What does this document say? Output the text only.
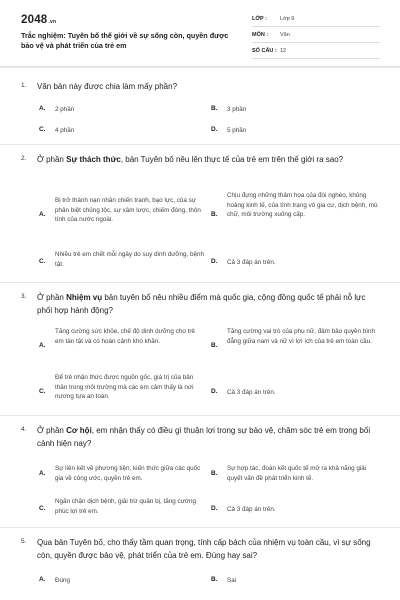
2048.vn
Trắc nghiệm: Tuyên bố thế giới về sự sống còn, quyền được bảo vệ và phát triển của trẻ em
LỚP : Lớp 9
MÔN : Văn
SỐ CÂU : 12
1. Văn bản này được chia làm mấy phần?
A. 2 phần	B. 3 phần
C. 4 phần	D. 5 phần
2. Ở phần Sự thách thức, bản Tuyên bố nêu lên thực tế của trẻ em trên thế giới ra sao?
A.
Bị trở thành nạn nhân chiến tranh, bạo lực, của sự phân biệt chủng tộc, sự xâm lược, chiếm đóng, thôn tính của nước ngoài.
B.
Chịu đựng những thảm họa của đói nghèo, khủng hoảng kinh tế, của tình trạng vô gia cư, dịch bệnh, mù chữ, môi trường xuống cấp.
C.
Nhiều trẻ em chết mỗi ngày do suy dinh dưỡng, bệnh tật.	D. Cả 3 đáp án trên.
3. Ở phần Nhiệm vụ bản tuyên bố nêu nhiều điểm mà quốc gia, cộng đồng quốc tế phải nỗ lực phối hợp hành động?
A.
Tăng cường sức khỏe, chế độ dinh dưỡng cho trẻ em tàn tật và có hoàn cảnh khó khăn.
B.
Tăng cường vai trò của phụ nữ, đảm bảo quyền bình đẳng giữa nam và nữ vì lợi ích của trẻ em toàn cầu.
C.
Để trẻ nhận thức được nguồn gốc, giá trị của bản thân trong môi trường mà các em cảm thấy là nơi nương tựa an toàn.
D. Cả 3 đáp án trên.
4. Ở phần Cơ hội, em nhận thấy có điều gì thuận lợi trong sự bảo vệ, chăm sóc trẻ em trong bối cảnh hiện nay?
A.
Sự liên kết về phương tiện, kiến thức giữa các quốc gia về công ước, quyền trẻ em.
B.
Sự hợp tác, đoàn kết quốc tế mở ra khả năng giải quyết vấn đề phát triển kinh tế.
C.
Ngăn chặn dịch bệnh, giải trừ quân bị, tăng cường phúc lợi trẻ em.	D. Cả 3 đáp án trên.
5. Qua bản Tuyên bố, cho thấy tầm quan trọng, tính cấp bách của nhiệm vụ toàn cầu, vì sự sống còn, quyền được bảo vệ, phát triển của trẻ em. Đúng hay sai?
A. Đúng	B. Sai
